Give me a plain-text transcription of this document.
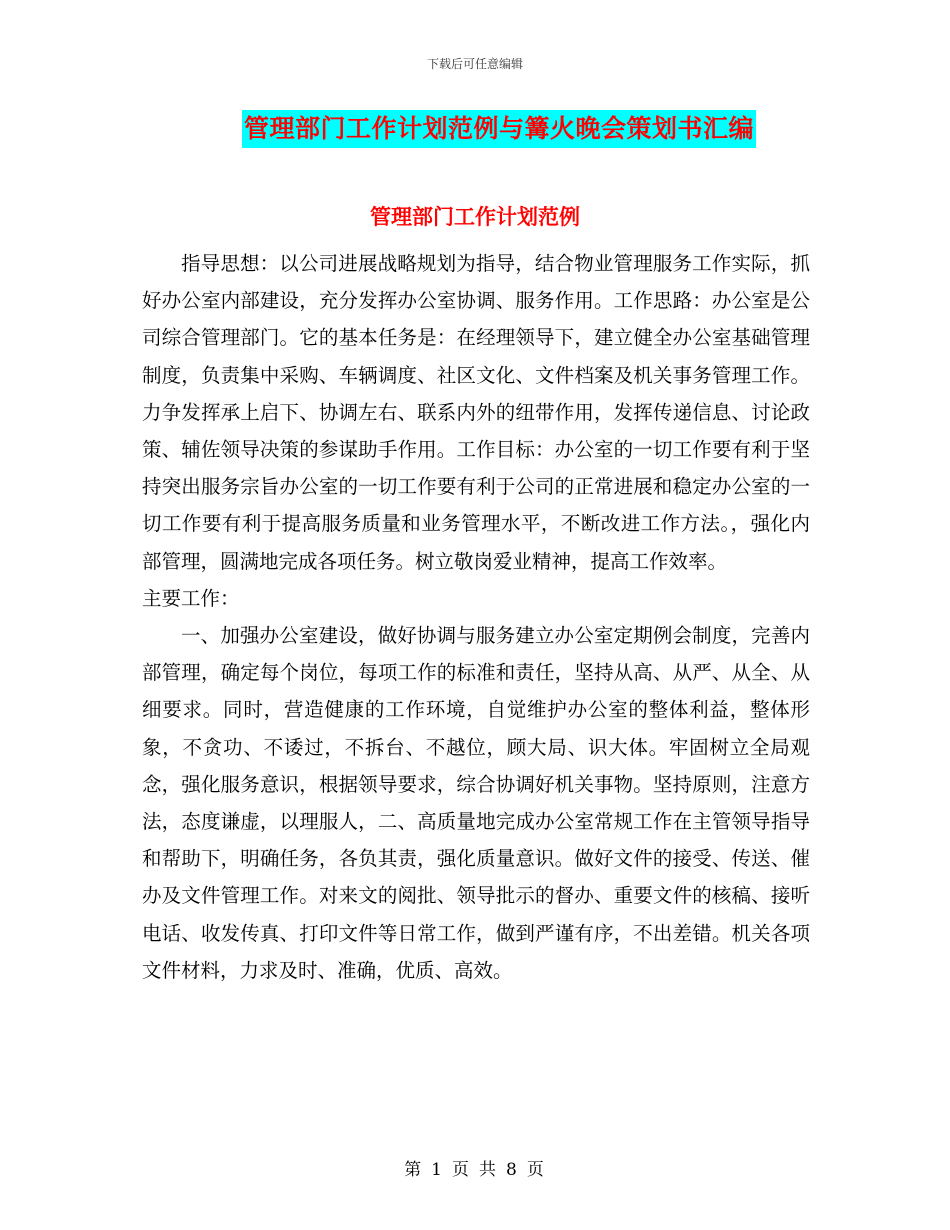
下载后可任意编辑
管理部门工作计划范例与篝火晚会策划书汇编
管理部门工作计划范例

指导思想：以公司进展战略规划为指导，结合物业管理服务工作实际，抓好办公室内部建设，充分发挥办公室协调、服务作用。工作思路：办公室是公司综合管理部门。它的基本任务是：在经理领导下，建立健全办公室基础管理制度，负责集中采购、车辆调度、社区文化、文件档案及机关事务管理工作。力争发挥承上启下、协调左右、联系内外的纽带作用，发挥传递信息、讨论政策、辅佐领导决策的参谋助手作用。工作目标：办公室的一切工作要有利于坚持突出服务宗旨办公室的一切工作要有利于公司的正常进展和稳定办公室的一切工作要有利于提高服务质量和业务管理水平，不断改进工作方法。，强化内部管理，圆满地完成各项任务。树立敬岗爱业精神，提高工作效率。

主要工作：

一、加强办公室建设，做好协调与服务建立办公室定期例会制度，完善内部管理，确定每个岗位，每项工作的标准和责任，坚持从高、从严、从全、从细要求。同时，营造健康的工作环境，自觉维护办公室的整体利益，整体形象，不贪功、不诿过，不拆台、不越位，顾大局、识大体。牢固树立全局观念，强化服务意识，根据领导要求，综合协调好机关事物。坚持原则，注意方法，态度谦虚，以理服人，二、高质量地完成办公室常规工作在主管领导指导和帮助下，明确任务，各负其责，强化质量意识。做好文件的接受、传送、催办及文件管理工作。对来文的阅批、领导批示的督办、重要文件的核稿、接听电话、收发传真、打印文件等日常工作，做到严谨有序，不出差错。机关各项文件材料，力求及时、准确，优质、高效。

第 1 页 共 8 页
